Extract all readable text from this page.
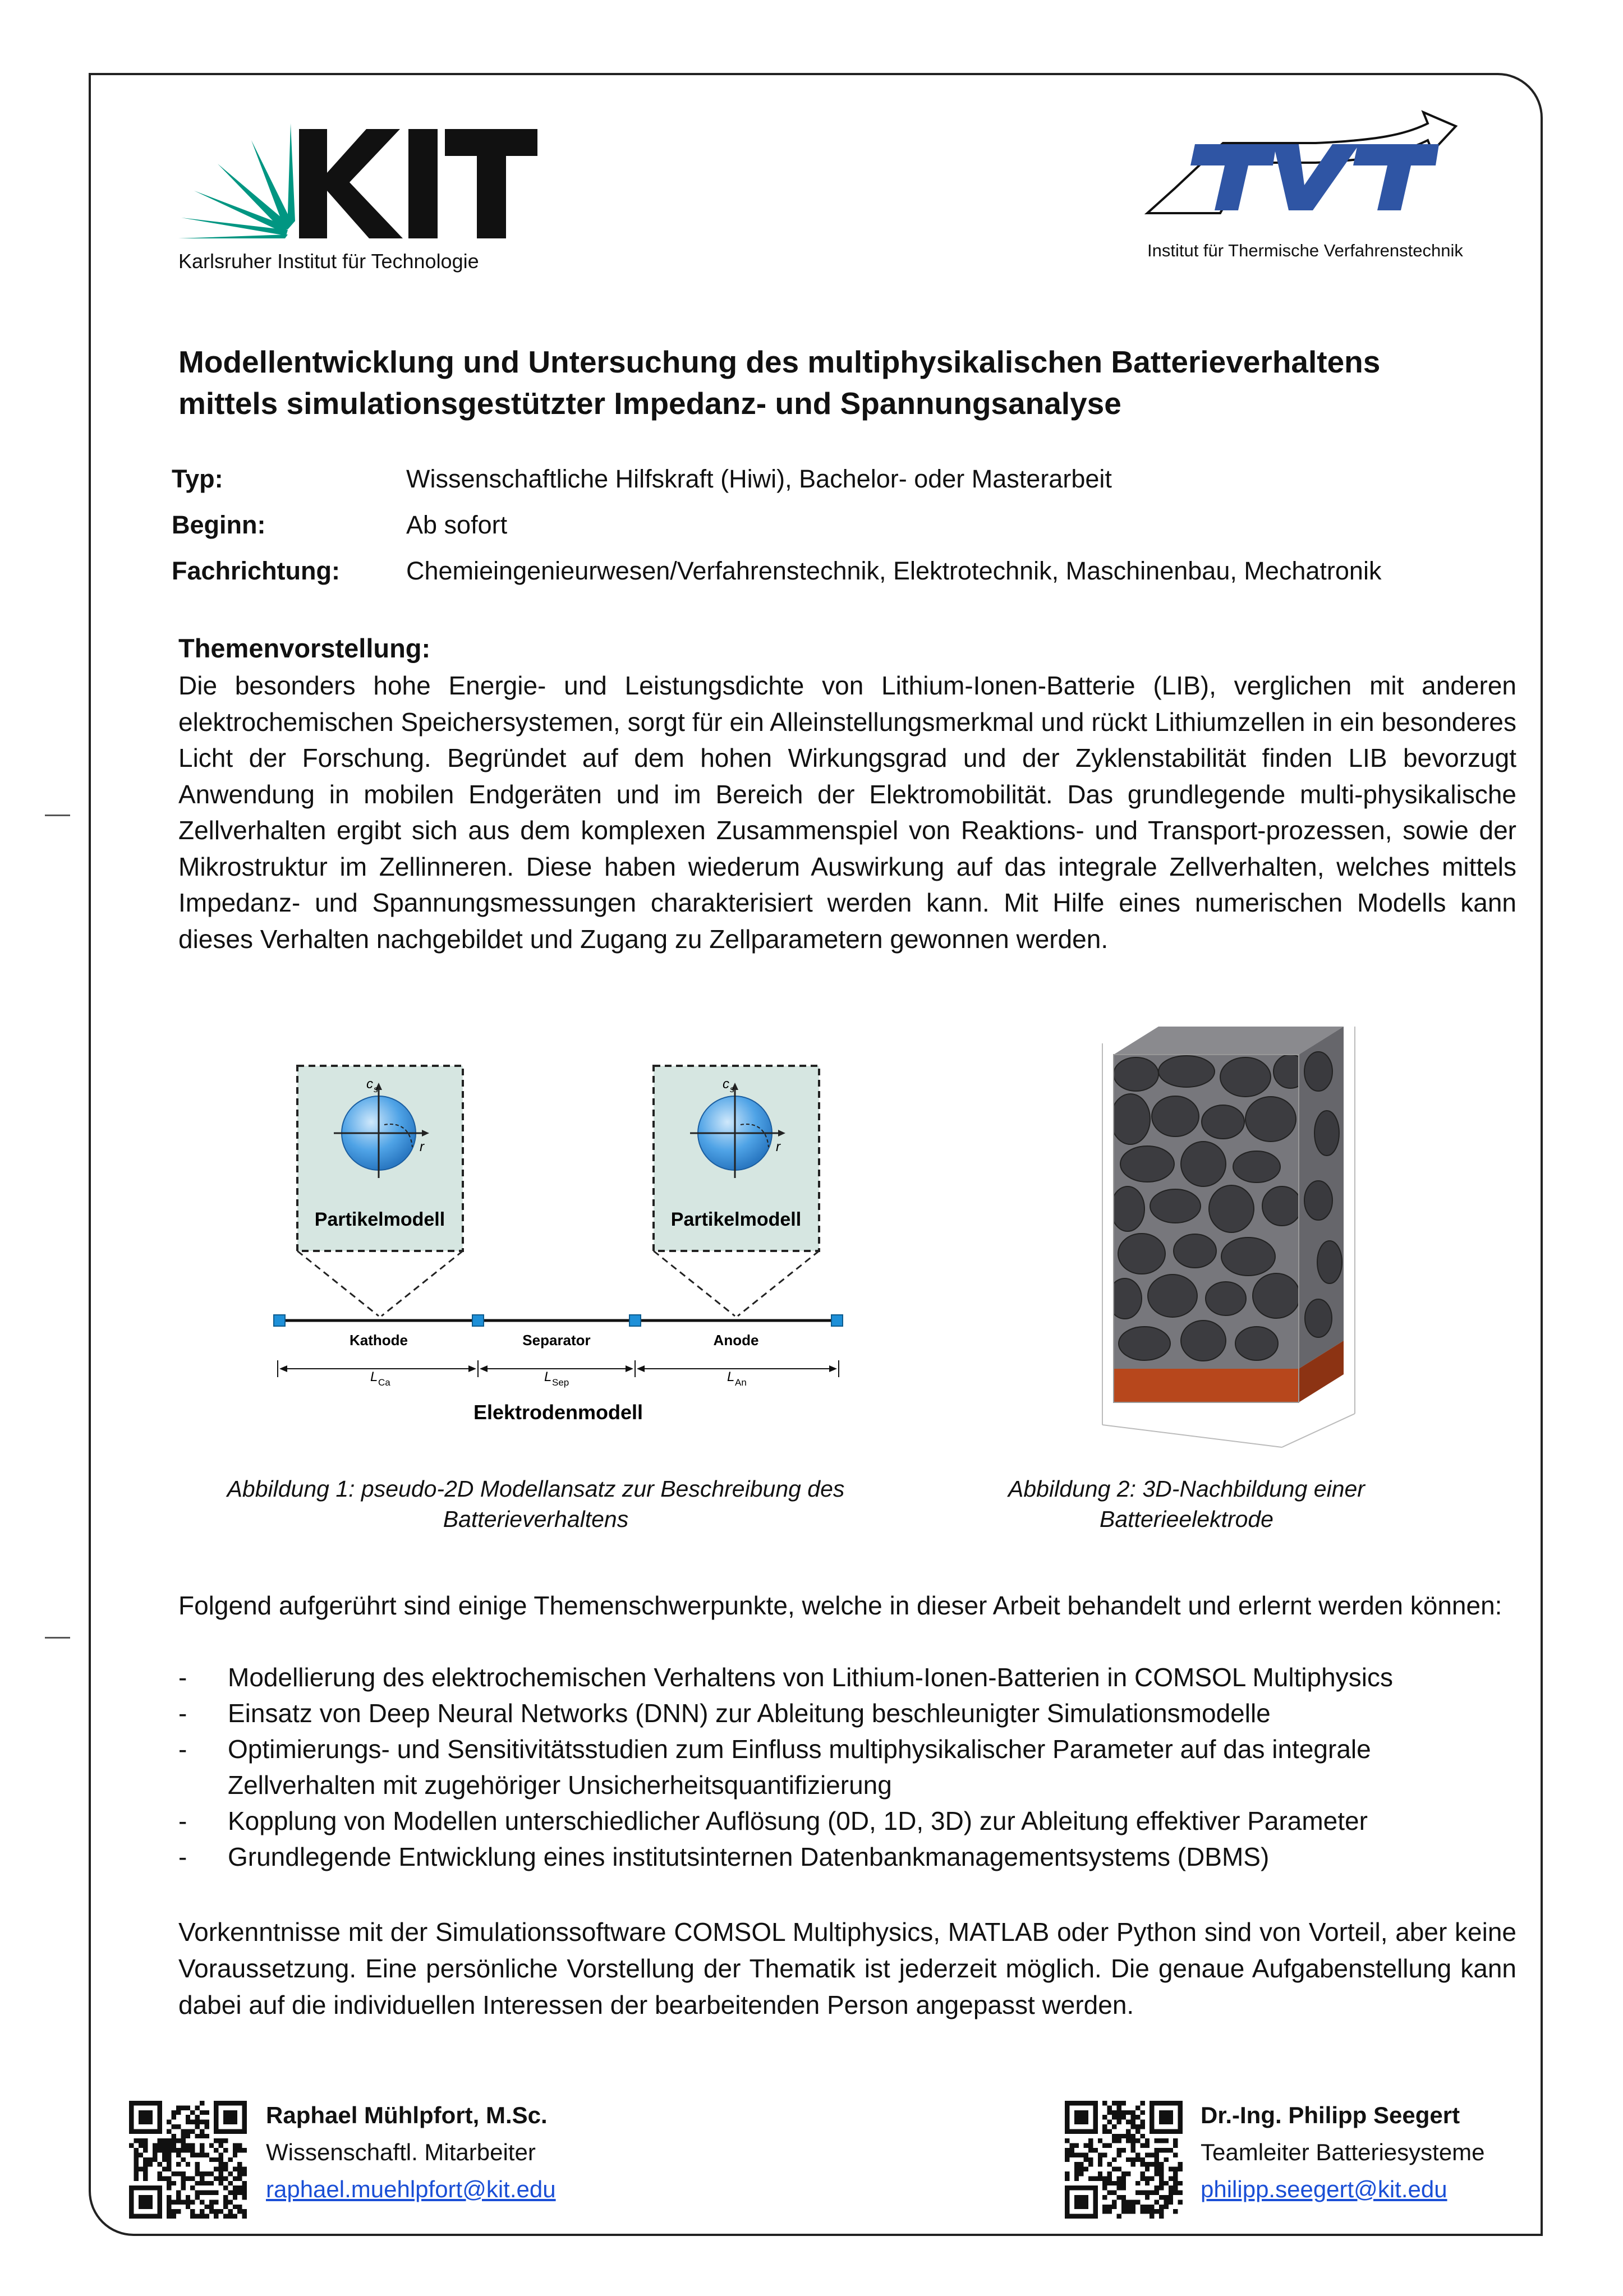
Karlsruher Institut für Technologie	Institut für Thermische Verfahrenstechnik
Modellentwicklung und Untersuchung des multiphysikalischen Batterieverhaltens
mittels simulationsgestützter Impedanz- und Spannungsanalyse
Typ:	Wissenschaftliche Hilfskraft (Hiwi), Bachelor- oder Masterarbeit
Beginn:	Ab sofort
Fachrichtung:	Chemieingenieurwesen/Verfahrenstechnik, Elektrotechnik, Maschinenbau, Mechatronik
Themenvorstellung:
Die besonders hohe Energie- und Leistungsdichte von Lithium-Ionen-Batterie (LIB), verglichen mit anderen elektrochemischen Speichersystemen, sorgt für ein Alleinstellungsmerkmal und rückt Lithiumzellen in ein besonderes Licht der Forschung. Begründet auf dem hohen Wirkungsgrad und der Zyklenstabilität finden LIB bevorzugt Anwendung in mobilen Endgeräten und im Bereich der Elektromobilität. Das grundlegende multi-physikalische Zellverhalten ergibt sich aus dem komplexen Zusammenspiel von Reaktions- und Transport-prozessen, sowie der Mikrostruktur im Zellinneren. Diese haben wiederum Auswirkung auf das integrale Zellverhalten, welches mittels Impedanz- und Spannungsmessungen charakterisiert werden kann. Mit Hilfe eines numerischen Modells kann dieses Verhalten nachgebildet und Zugang zu Zellparametern gewonnen werden.
c s
r
Partikelmodell
c s
r
Partikelmodell
Kathode	Separator	Anode
L Ca	L Sep	L An
Elektrodenmodell
Abbildung 1: pseudo-2D Modellansatz zur Beschreibung des
Batterieverhaltens
Abbildung 2: 3D-Nachbildung einer
Batterieelektrode
Folgend aufgerührt sind einige Themenschwerpunkte, welche in dieser Arbeit behandelt und erlernt werden können:
- Modellierung des elektrochemischen Verhaltens von Lithium-Ionen-Batterien in COMSOL Multiphysics
- Einsatz von Deep Neural Networks (DNN) zur Ableitung beschleunigter Simulationsmodelle
- Optimierungs- und Sensitivitätsstudien zum Einfluss multiphysikalischer Parameter auf das integrale Zellverhalten mit zugehöriger Unsicherheitsquantifizierung
- Kopplung von Modellen unterschiedlicher Auflösung (0D, 1D, 3D) zur Ableitung effektiver Parameter
- Grundlegende Entwicklung eines institutsinternen Datenbankmanagementsystems (DBMS)
Vorkenntnisse mit der Simulationssoftware COMSOL Multiphysics, MATLAB oder Python sind von Vorteil, aber keine Voraussetzung. Eine persönliche Vorstellung der Thematik ist jederzeit möglich. Die genaue Aufgabenstellung kann dabei auf die individuellen Interessen der bearbeitenden Person angepasst werden.
Raphael Mühlpfort, M.Sc.
Wissenschaftl. Mitarbeiter
raphael.muehlpfort@kit.edu
Dr.-Ing. Philipp Seegert
Teamleiter Batteriesysteme
philipp.seegert@kit.edu
